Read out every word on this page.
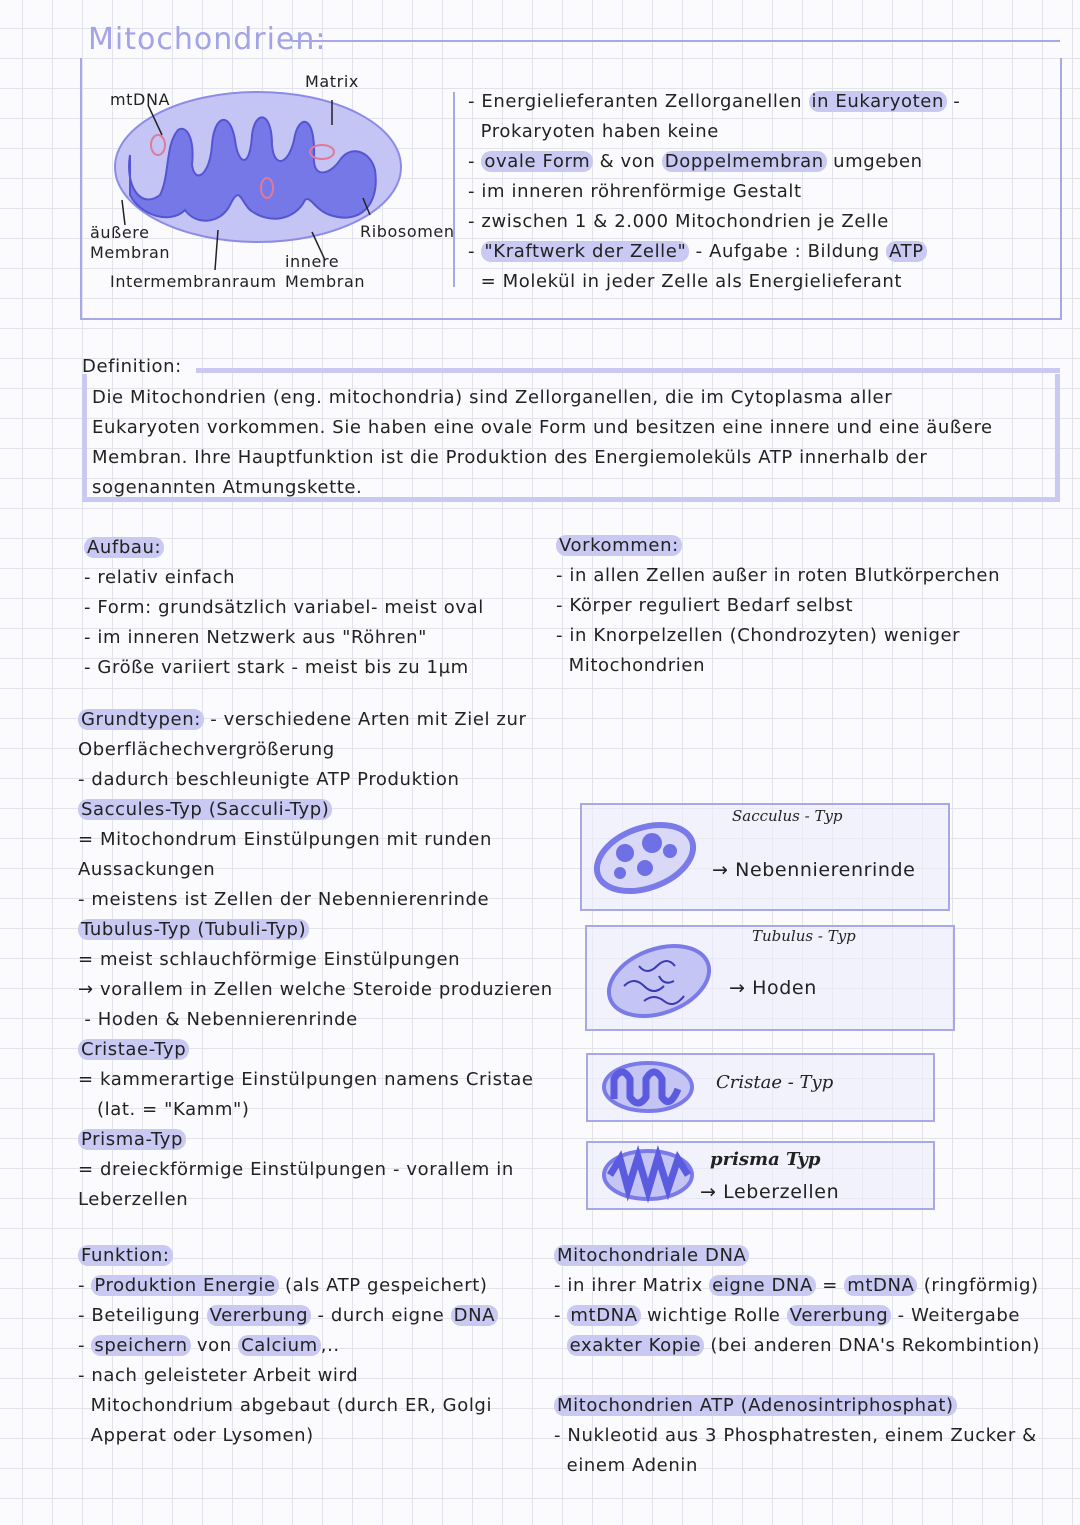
Mitochondrien:
mtDNA
Matrix
äußere
Membran
Intermembranraum
innere
Membran
Ribosomen
- Energielieferanten Zellorganellen in Eukaryoten -
Prokaryoten haben keine
- ovale Form & von Doppelmembran umgeben
- im inneren röhrenförmige Gestalt
- zwischen 1 & 2.000 Mitochondrien je Zelle
- "Kraftwerk der Zelle" - Aufgabe : Bildung ATP
= Molekül in jeder Zelle als Energielieferant
Definition:
Die Mitochondrien (eng. mitochondria) sind Zellorganellen, die im Cytoplasma aller
Eukaryoten vorkommen. Sie haben eine ovale Form und besitzen eine innere und eine äußere
Membran. Ihre Hauptfunktion ist die Produktion des Energiemoleküls ATP innerhalb der
sogenannten Atmungskette.
Aufbau:
- relativ einfach
- Form: grundsätzlich variabel- meist oval
- im inneren Netzwerk aus "Röhren"
- Größe variiert stark - meist bis zu 1µm
Vorkommen:
- in allen Zellen außer in roten Blutkörperchen
- Körper reguliert Bedarf selbst
- in Knorpelzellen (Chondrozyten) weniger
Mitochondrien
Grundtypen: - verschiedene Arten mit Ziel zur
Oberflächechvergrößerung
- dadurch beschleunigte ATP Produktion
Saccules-Typ (Sacculi-Typ)
= Mitochondrum Einstülpungen mit runden
Aussackungen
- meistens ist Zellen der Nebennierenrinde
Tubulus-Typ (Tubuli-Typ)
= meist schlauchförmige Einstülpungen
→ vorallem in Zellen welche Steroide produzieren
- Hoden & Nebennierenrinde
Cristae-Typ
= kammerartige Einstülpungen namens Cristae
(lat. = "Kamm")
Prisma-Typ
= dreieckförmige Einstülpungen - vorallem in
Leberzellen
Sacculus - Typ
→ Nebennierenrinde
Tubulus - Typ
→ Hoden
Cristae - Typ
prisma Typ
→ Leberzellen
Funktion:
- Produktion Energie (als ATP gespeichert)
- Beteiligung Vererbung - durch eigne DNA
- speichern von Calcium ,..
- nach geleisteter Arbeit wird
Mitochondrium abgebaut (durch ER, Golgi
Apperat oder Lysomen)
Mitochondriale DNA
- in ihrer Matrix eigne DNA = mtDNA (ringförmig)
- mtDNA wichtige Rolle Vererbung - Weitergabe
exakter Kopie (bei anderen DNA's Rekombintion)
Mitochondrien ATP (Adenosintriphosphat)
- Nukleotid aus 3 Phosphatresten, einem Zucker &
einem Adenin
